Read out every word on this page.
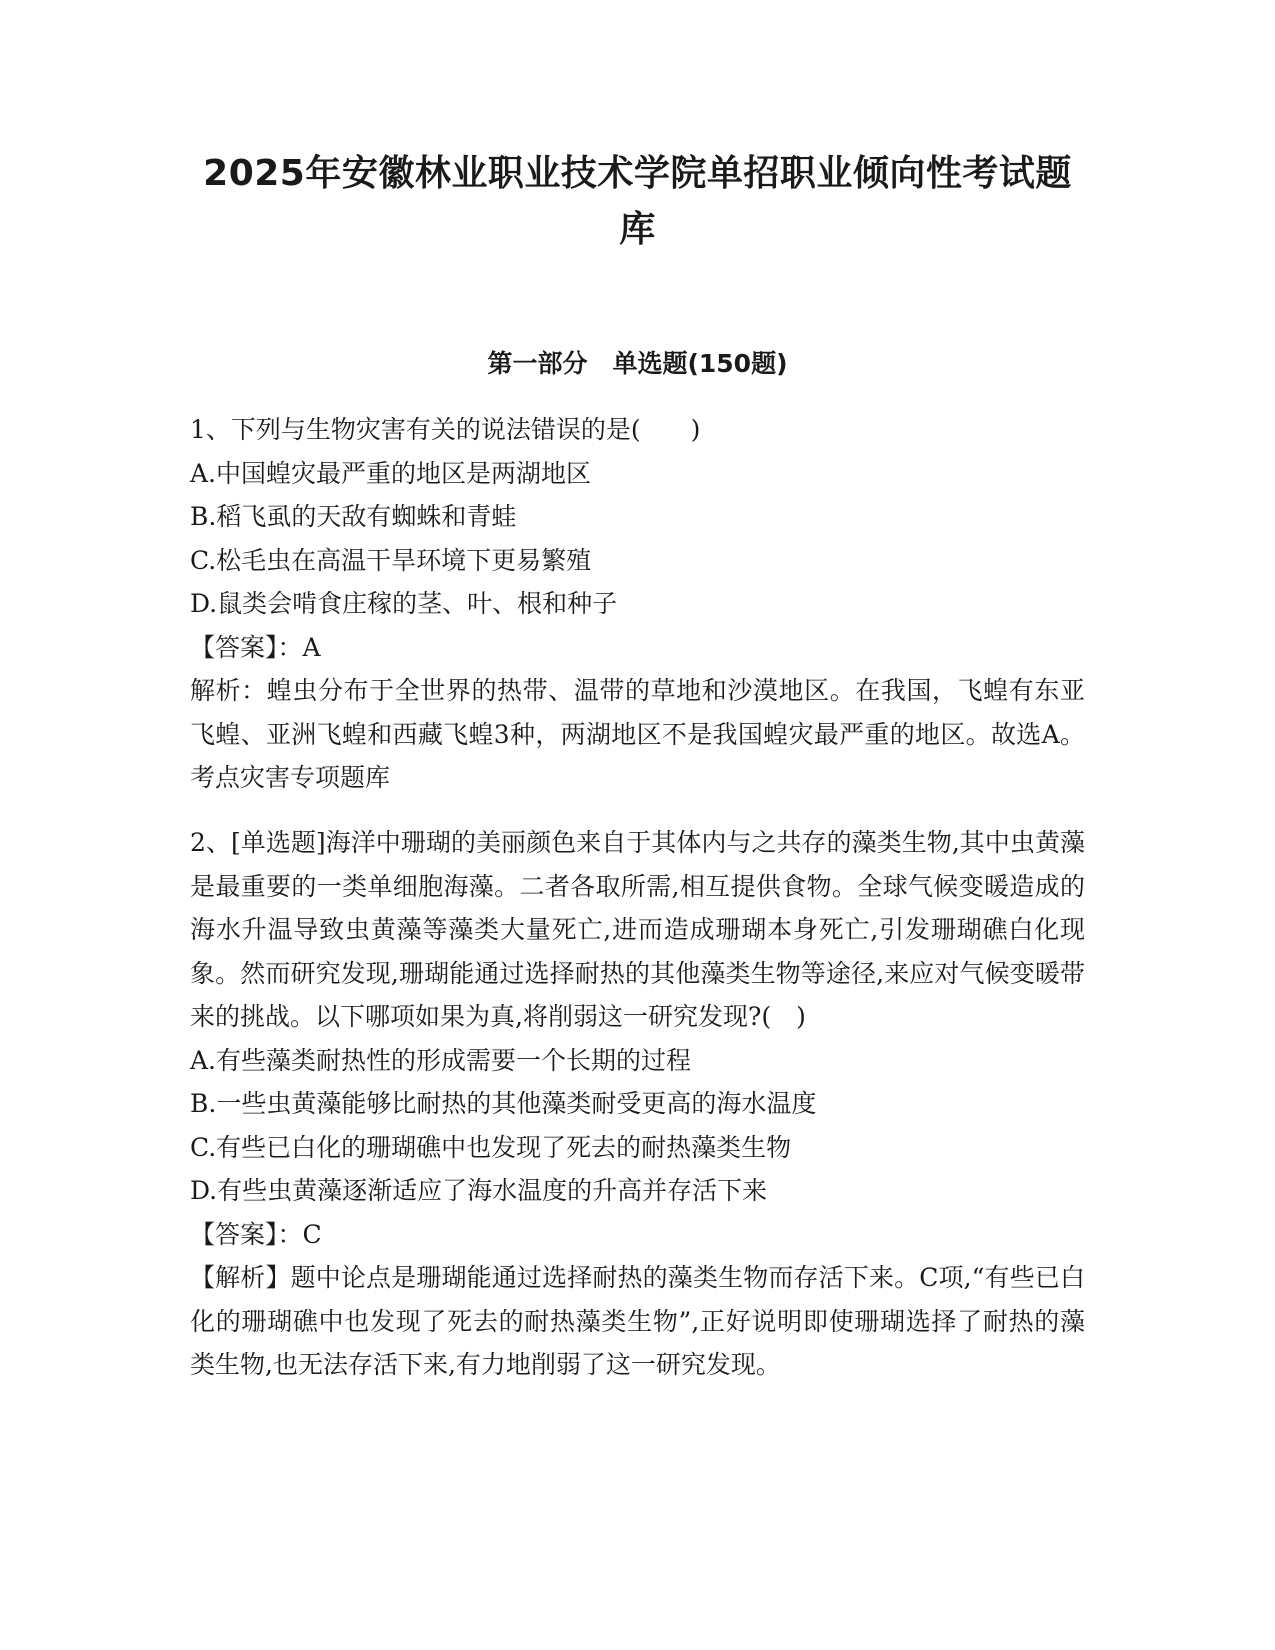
2025年安徽林业职业技术学院单招职业倾向性考试题库
第一部分　单选题(150题)
1、下列与生物灾害有关的说法错误的是(　　)
A.中国蝗灾最严重的地区是两湖地区
B.稻飞虱的天敌有蜘蛛和青蛙
C.松毛虫在高温干旱环境下更易繁殖
D.鼠类会啃食庄稼的茎、叶、根和种子
【答案】：A
解析：蝗虫分布于全世界的热带、温带的草地和沙漠地区。在我国，飞蝗有东亚飞蝗、亚洲飞蝗和西藏飞蝗3种，两湖地区不是我国蝗灾最严重的地区。故选A。考点灾害专项题库
2、[单选题]海洋中珊瑚的美丽颜色来自于其体内与之共存的藻类生物,其中虫黄藻是最重要的一类单细胞海藻。二者各取所需,相互提供食物。全球气候变暖造成的海水升温导致虫黄藻等藻类大量死亡,进而造成珊瑚本身死亡,引发珊瑚礁白化现象。然而研究发现,珊瑚能通过选择耐热的其他藻类生物等途径,来应对气候变暖带来的挑战。以下哪项如果为真,将削弱这一研究发现?(　)
A.有些藻类耐热性的形成需要一个长期的过程
B.一些虫黄藻能够比耐热的其他藻类耐受更高的海水温度
C.有些已白化的珊瑚礁中也发现了死去的耐热藻类生物
D.有些虫黄藻逐渐适应了海水温度的升高并存活下来
【答案】：C
【解析】题中论点是珊瑚能通过选择耐热的藻类生物而存活下来。C项,“有些已白化的珊瑚礁中也发现了死去的耐热藻类生物”,正好说明即使珊瑚选择了耐热的藻类生物,也无法存活下来,有力地削弱了这一研究发现。
